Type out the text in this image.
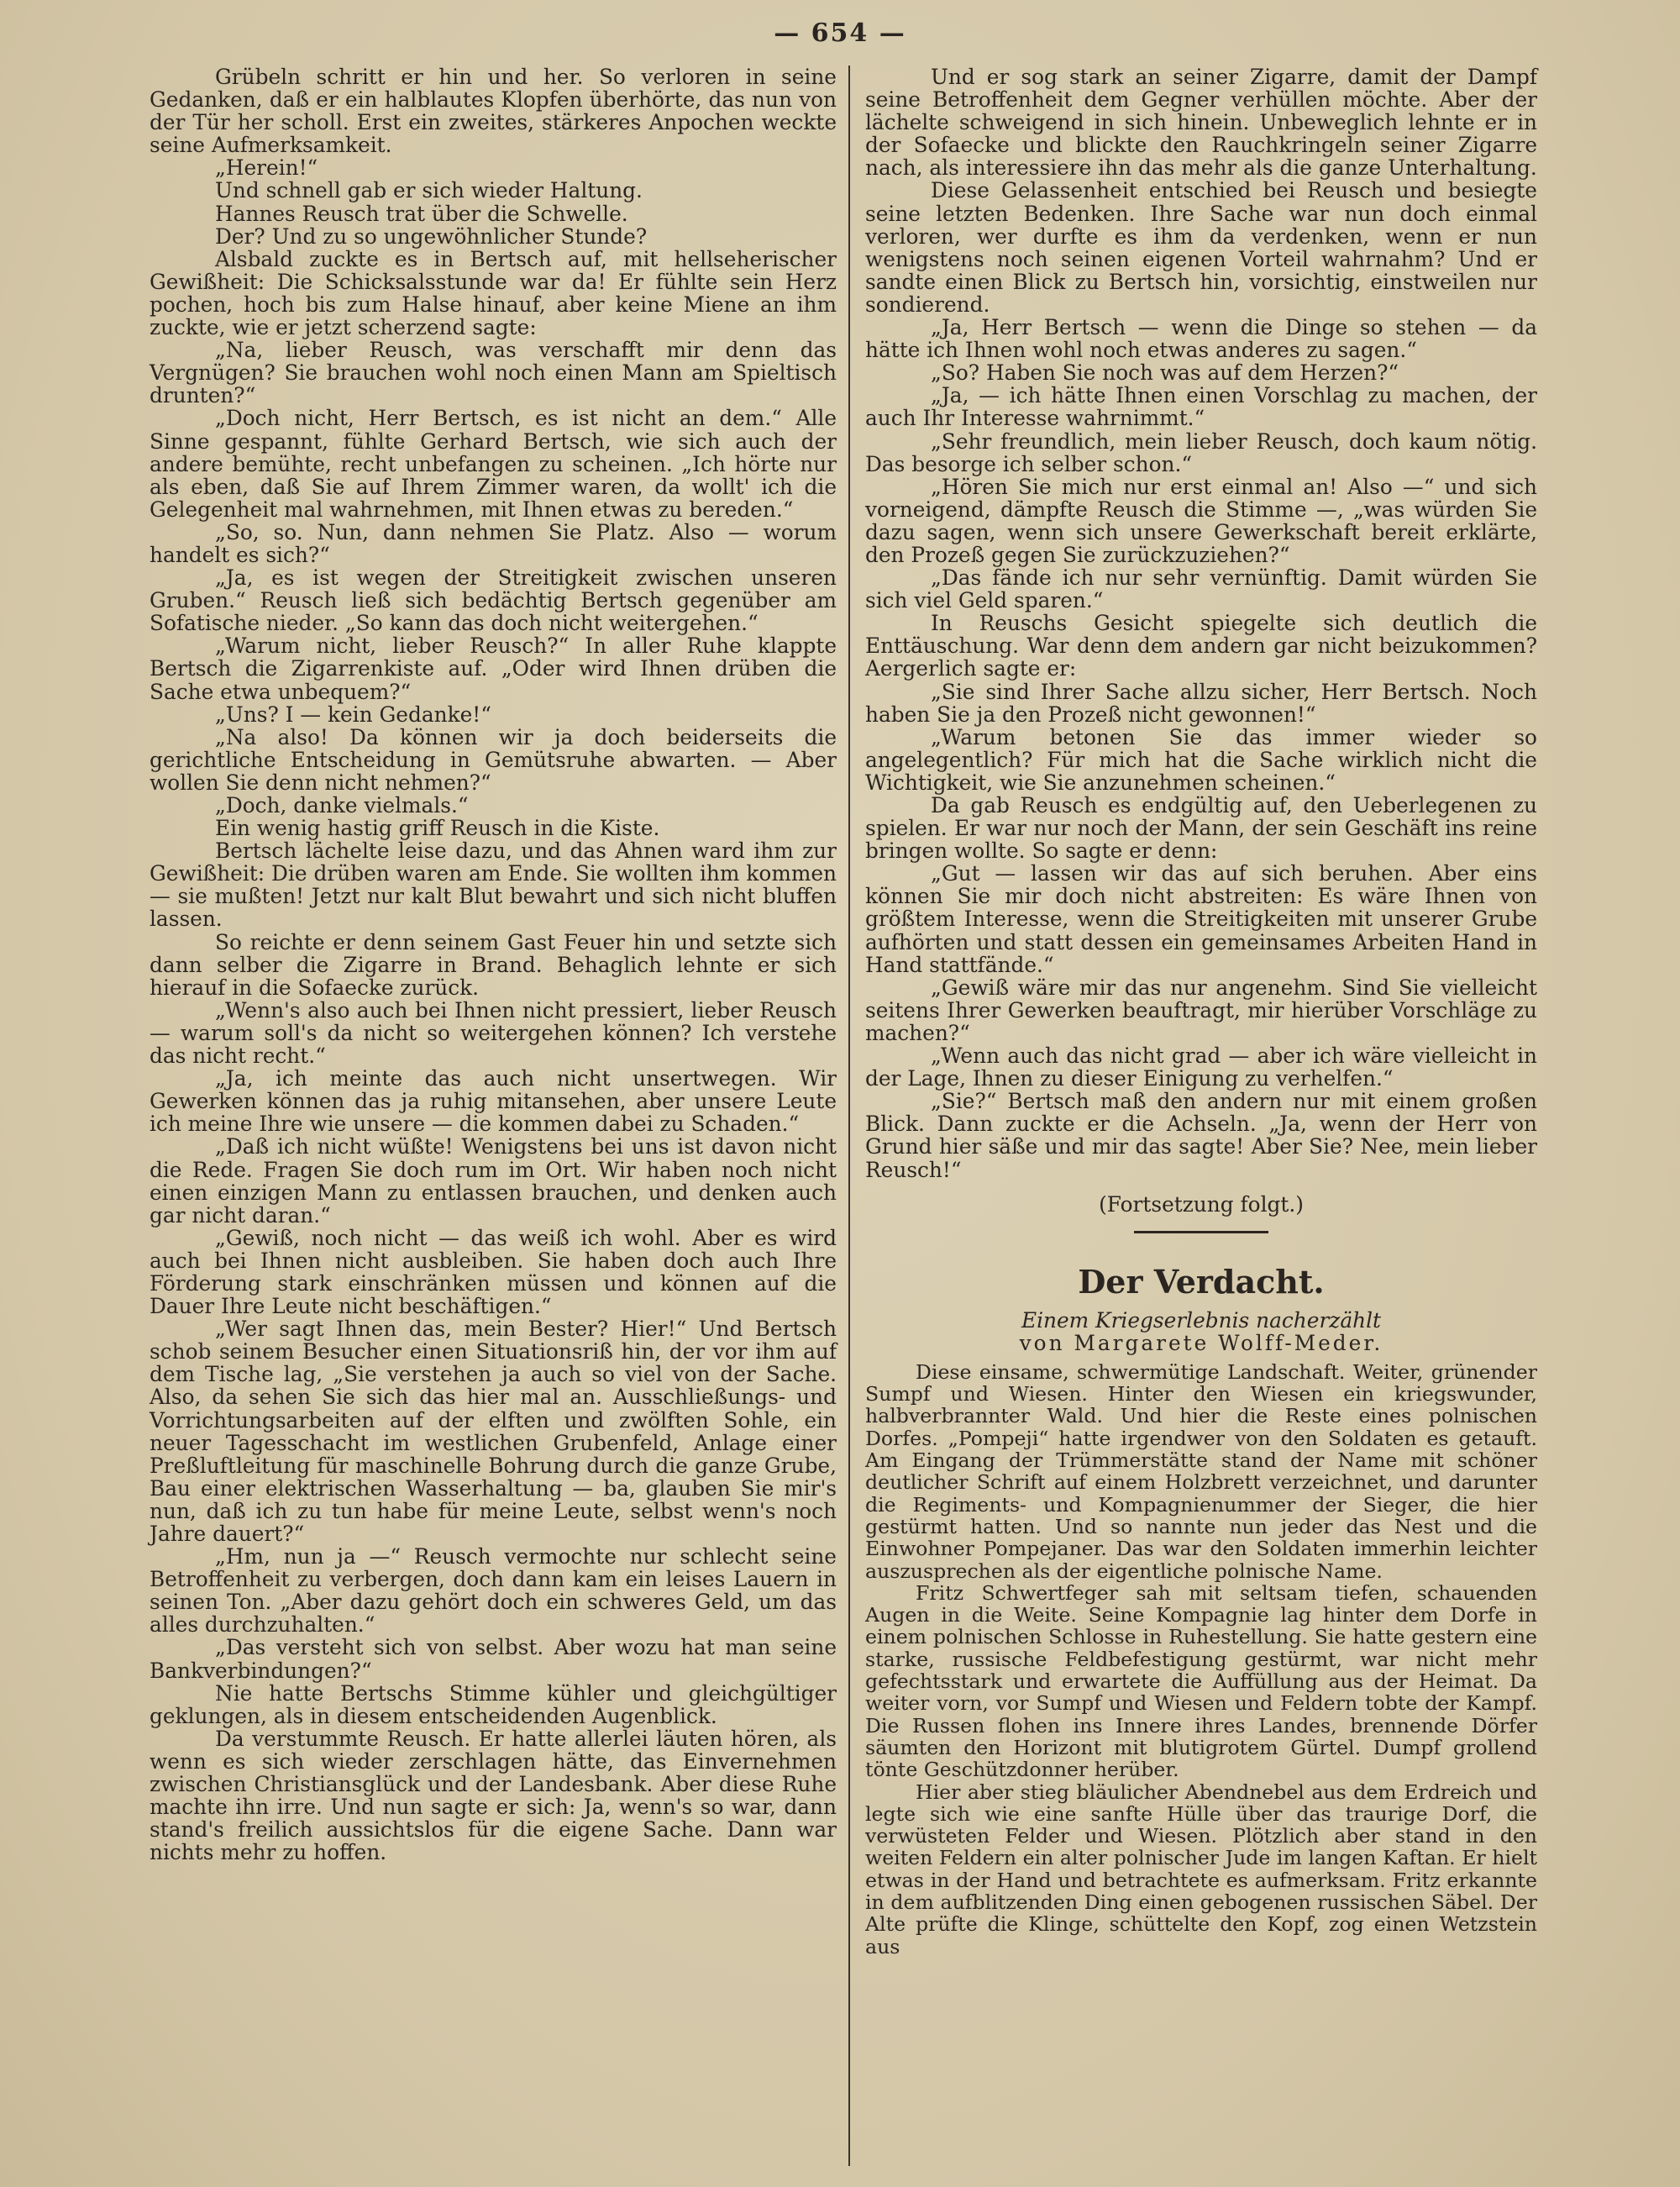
— 654 —

Grübeln schritt er hin und her. So verloren in seine Gedanken, daß er ein halblautes Klopfen überhörte, das nun von der Tür her scholl. Erst ein zweites, stärkeres Anpochen weckte seine Aufmerksamkeit.

„Herein!“

Und schnell gab er sich wieder Haltung.

Hannes Reusch trat über die Schwelle.

Der? Und zu so ungewöhnlicher Stunde?

Alsbald zuckte es in Bertsch auf, mit hellseherischer Gewißheit: Die Schicksalsstunde war da! Er fühlte sein Herz pochen, hoch bis zum Halse hinauf, aber keine Miene an ihm zuckte, wie er jetzt scherzend sagte:

„Na, lieber Reusch, was verschafft mir denn das Vergnügen? Sie brauchen wohl noch einen Mann am Spieltisch drunten?“

„Doch nicht, Herr Bertsch, es ist nicht an dem.“ Alle Sinne gespannt, fühlte Gerhard Bertsch, wie sich auch der andere bemühte, recht unbefangen zu scheinen. „Ich hörte nur als eben, daß Sie auf Ihrem Zimmer waren, da wollt' ich die Gelegenheit mal wahrnehmen, mit Ihnen etwas zu bereden.“

„So, so. Nun, dann nehmen Sie Platz. Also — worum handelt es sich?“

„Ja, es ist wegen der Streitigkeit zwischen unseren Gruben.“ Reusch ließ sich bedächtig Bertsch gegenüber am Sofatische nieder. „So kann das doch nicht weitergehen.“

„Warum nicht, lieber Reusch?“ In aller Ruhe klappte Bertsch die Zigarrenkiste auf. „Oder wird Ihnen drüben die Sache etwa unbequem?“

„Uns? I — kein Gedanke!“

„Na also! Da können wir ja doch beiderseits die gerichtliche Entscheidung in Gemütsruhe abwarten. — Aber wollen Sie denn nicht nehmen?“

„Doch, danke vielmals.“

Ein wenig hastig griff Reusch in die Kiste.

Bertsch lächelte leise dazu, und das Ahnen ward ihm zur Gewißheit: Die drüben waren am Ende. Sie wollten ihm kommen — sie mußten! Jetzt nur kalt Blut bewahrt und sich nicht bluffen lassen.

So reichte er denn seinem Gast Feuer hin und setzte sich dann selber die Zigarre in Brand. Behaglich lehnte er sich hierauf in die Sofaecke zurück.

„Wenn's also auch bei Ihnen nicht pressiert, lieber Reusch — warum soll's da nicht so weitergehen können? Ich verstehe das nicht recht.“

„Ja, ich meinte das auch nicht unsertwegen. Wir Gewerken können das ja ruhig mitansehen, aber unsere Leute ich meine Ihre wie unsere — die kommen dabei zu Schaden.“

„Daß ich nicht wüßte! Wenigstens bei uns ist davon nicht die Rede. Fragen Sie doch rum im Ort. Wir haben noch nicht einen einzigen Mann zu entlassen brauchen, und denken auch gar nicht daran.“

„Gewiß, noch nicht — das weiß ich wohl. Aber es wird auch bei Ihnen nicht ausbleiben. Sie haben doch auch Ihre Förderung stark einschränken müssen und können auf die Dauer Ihre Leute nicht beschäftigen.“

„Wer sagt Ihnen das, mein Bester? Hier!“ Und Bertsch schob seinem Besucher einen Situationsriß hin, der vor ihm auf dem Tische lag, „Sie verstehen ja auch so viel von der Sache. Also, da sehen Sie sich das hier mal an. Ausschließungs- und Vorrichtungsarbeiten auf der elften und zwölften Sohle, ein neuer Tagesschacht im westlichen Grubenfeld, Anlage einer Preßluftleitung für maschinelle Bohrung durch die ganze Grube, Bau einer elektrischen Wasserhaltung — ba, glauben Sie mir's nun, daß ich zu tun habe für meine Leute, selbst wenn's noch Jahre dauert?“

„Hm, nun ja —“ Reusch vermochte nur schlecht seine Betroffenheit zu verbergen, doch dann kam ein leises Lauern in seinen Ton. „Aber dazu gehört doch ein schweres Geld, um das alles durchzuhalten.“

„Das versteht sich von selbst. Aber wozu hat man seine Bankverbindungen?“

Nie hatte Bertschs Stimme kühler und gleichgültiger geklungen, als in diesem entscheidenden Augenblick.

Da verstummte Reusch. Er hatte allerlei läuten hören, als wenn es sich wieder zerschlagen hätte, das Einvernehmen zwischen Christiansglück und der Landesbank. Aber diese Ruhe machte ihn irre. Und nun sagte er sich: Ja, wenn's so war, dann stand's freilich aussichtslos für die eigene Sache. Dann war nichts mehr zu hoffen.

Und er sog stark an seiner Zigarre, damit der Dampf seine Betroffenheit dem Gegner verhüllen möchte. Aber der lächelte schweigend in sich hinein. Unbeweglich lehnte er in der Sofaecke und blickte den Rauchkringeln seiner Zigarre nach, als interessiere ihn das mehr als die ganze Unterhaltung.

Diese Gelassenheit entschied bei Reusch und besiegte seine letzten Bedenken. Ihre Sache war nun doch einmal verloren, wer durfte es ihm da verdenken, wenn er nun wenigstens noch seinen eigenen Vorteil wahrnahm? Und er sandte einen Blick zu Bertsch hin, vorsichtig, einstweilen nur sondierend.

„Ja, Herr Bertsch — wenn die Dinge so stehen — da hätte ich Ihnen wohl noch etwas anderes zu sagen.“

„So? Haben Sie noch was auf dem Herzen?“

„Ja, — ich hätte Ihnen einen Vorschlag zu machen, der auch Ihr Interesse wahrnimmt.“

„Sehr freundlich, mein lieber Reusch, doch kaum nötig. Das besorge ich selber schon.“

„Hören Sie mich nur erst einmal an! Also —“ und sich vorneigend, dämpfte Reusch die Stimme —, „was würden Sie dazu sagen, wenn sich unsere Gewerkschaft bereit erklärte, den Prozeß gegen Sie zurückzuziehen?“

„Das fände ich nur sehr vernünftig. Damit würden Sie sich viel Geld sparen.“

In Reuschs Gesicht spiegelte sich deutlich die Enttäuschung. War denn dem andern gar nicht beizukommen? Aergerlich sagte er:

„Sie sind Ihrer Sache allzu sicher, Herr Bertsch. Noch haben Sie ja den Prozeß nicht gewonnen!“

„Warum betonen Sie das immer wieder so angelegentlich? Für mich hat die Sache wirklich nicht die Wichtigkeit, wie Sie anzunehmen scheinen.“

Da gab Reusch es endgültig auf, den Ueberlegenen zu spielen. Er war nur noch der Mann, der sein Geschäft ins reine bringen wollte. So sagte er denn:

„Gut — lassen wir das auf sich beruhen. Aber eins können Sie mir doch nicht abstreiten: Es wäre Ihnen von größtem Interesse, wenn die Streitigkeiten mit unserer Grube aufhörten und statt dessen ein gemeinsames Arbeiten Hand in Hand stattfände.“

„Gewiß wäre mir das nur angenehm. Sind Sie vielleicht seitens Ihrer Gewerken beauftragt, mir hierüber Vorschläge zu machen?“

„Wenn auch das nicht grad — aber ich wäre vielleicht in der Lage, Ihnen zu dieser Einigung zu verhelfen.“

„Sie?“ Bertsch maß den andern nur mit einem großen Blick. Dann zuckte er die Achseln. „Ja, wenn der Herr von Grund hier säße und mir das sagte! Aber Sie? Nee, mein lieber Reusch!“

(Fortsetzung folgt.)
Der Verdacht.
Einem Kriegserlebnis nacherzählt
von Margarete Wolff-Meder.

Diese einsame, schwermütige Landschaft. Weiter, grünender Sumpf und Wiesen. Hinter den Wiesen ein kriegswunder, halbverbrannter Wald. Und hier die Reste eines polnischen Dorfes. „Pompeji“ hatte irgendwer von den Soldaten es getauft. Am Eingang der Trümmerstätte stand der Name mit schöner deutlicher Schrift auf einem Holzbrett verzeichnet, und darunter die Regiments- und Kompagnienummer der Sieger, die hier gestürmt hatten. Und so nannte nun jeder das Nest und die Einwohner Pompejaner. Das war den Soldaten immerhin leichter auszusprechen als der eigentliche polnische Name.

Fritz Schwertfeger sah mit seltsam tiefen, schauenden Augen in die Weite. Seine Kompagnie lag hinter dem Dorfe in einem polnischen Schlosse in Ruhestellung. Sie hatte gestern eine starke, russische Feldbefestigung gestürmt, war nicht mehr gefechtsstark und erwartete die Auffüllung aus der Heimat. Da weiter vorn, vor Sumpf und Wiesen und Feldern tobte der Kampf. Die Russen flohen ins Innere ihres Landes, brennende Dörfer säumten den Horizont mit blutigrotem Gürtel. Dumpf grollend tönte Geschützdonner herüber.

Hier aber stieg bläulicher Abendnebel aus dem Erdreich und legte sich wie eine sanfte Hülle über das traurige Dorf, die verwüsteten Felder und Wiesen. Plötzlich aber stand in den weiten Feldern ein alter polnischer Jude im langen Kaftan. Er hielt etwas in der Hand und betrachtete es aufmerksam. Fritz erkannte in dem aufblitzenden Ding einen gebogenen russischen Säbel. Der Alte prüfte die Klinge, schüttelte den Kopf, zog einen Wetzstein aus
